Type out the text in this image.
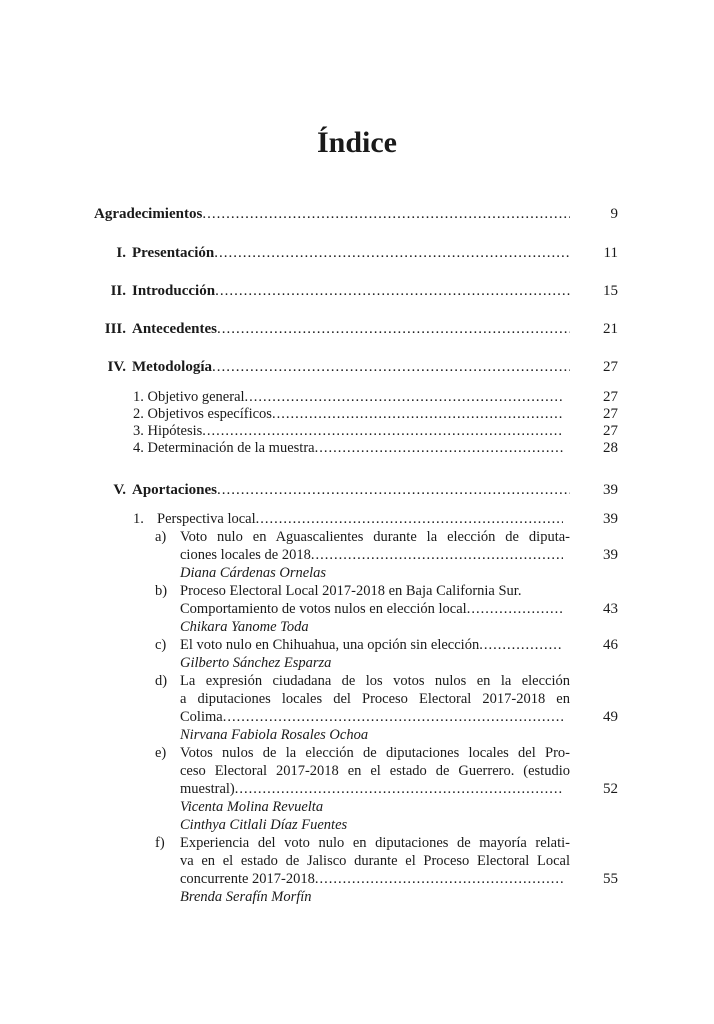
Índice
Agradecimientos .....	9
I. Presentación .....	11
II. Introducción .....	15
III. Antecedentes .....	21
IV. Metodología .....	27
1. Objetivo general .....	27
2. Objetivos específicos .....	27
3. Hipótesis .....	27
4. Determinación de la muestra .....	28
V. Aportaciones .....	39
1. Perspectiva local .....	39
a) Voto nulo en Aguascalientes durante la elección de diputa-
ciones locales de 2018 .....	39
Diana Cárdenas Ornelas
b) Proceso Electoral Local 2017-2018 en Baja California Sur.
Comportamiento de votos nulos en elección local .....	43
Chikara Yanome Toda
c) El voto nulo en Chihuahua, una opción sin elección .....	46
Gilberto Sánchez Esparza
d) La expresión ciudadana de los votos nulos en la elección
a diputaciones locales del Proceso Electoral 2017-2018 en
Colima .....	49
Nirvana Fabiola Rosales Ochoa
e) Votos nulos de la elección de diputaciones locales del Pro-
ceso Electoral 2017-2018 en el estado de Guerrero. (estudio
muestral) .....	52
Vicenta Molina Revuelta
Cinthya Citlali Díaz Fuentes
f) Experiencia del voto nulo en diputaciones de mayoría relati-
va en el estado de Jalisco durante el Proceso Electoral Local
concurrente 2017-2018 .....	55
Brenda Serafín Morfín
